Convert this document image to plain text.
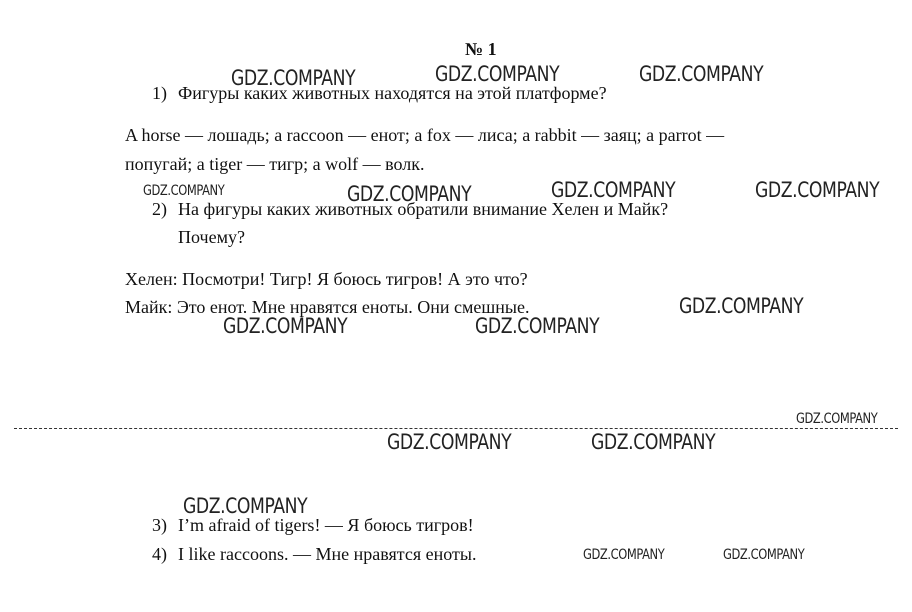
№ 1
1) Фигуры каких животных находятся на этой платформе?
A horse — лошадь; a raccoon — енот; a fox — лиса; a rabbit — заяц; a parrot —
попугай; a tiger — тигр; a wolf — волк.
2) На фигуры каких животных обратили внимание Хелен и Майк?
Почему?
Хелен: Посмотри! Тигр! Я боюсь тигров! А это что?
Майк: Это енот. Мне нравятся еноты. Они смешные.
3) I’m afraid of tigers! — Я боюсь тигров!
4) I like raccoons. — Мне нравятся еноты.
GDZ.COMPANY	GDZ.COMPANY	GDZ.COMPANY
GDZ.COMPANY	GDZ.COMPANY	GDZ.COMPANY	GDZ.COMPANY
GDZ.COMPANY
GDZ.COMPANY	GDZ.COMPANY
GDZ.COMPANY
GDZ.COMPANY	GDZ.COMPANY
GDZ.COMPANY
GDZ.COMPANY	GDZ.COMPANY
